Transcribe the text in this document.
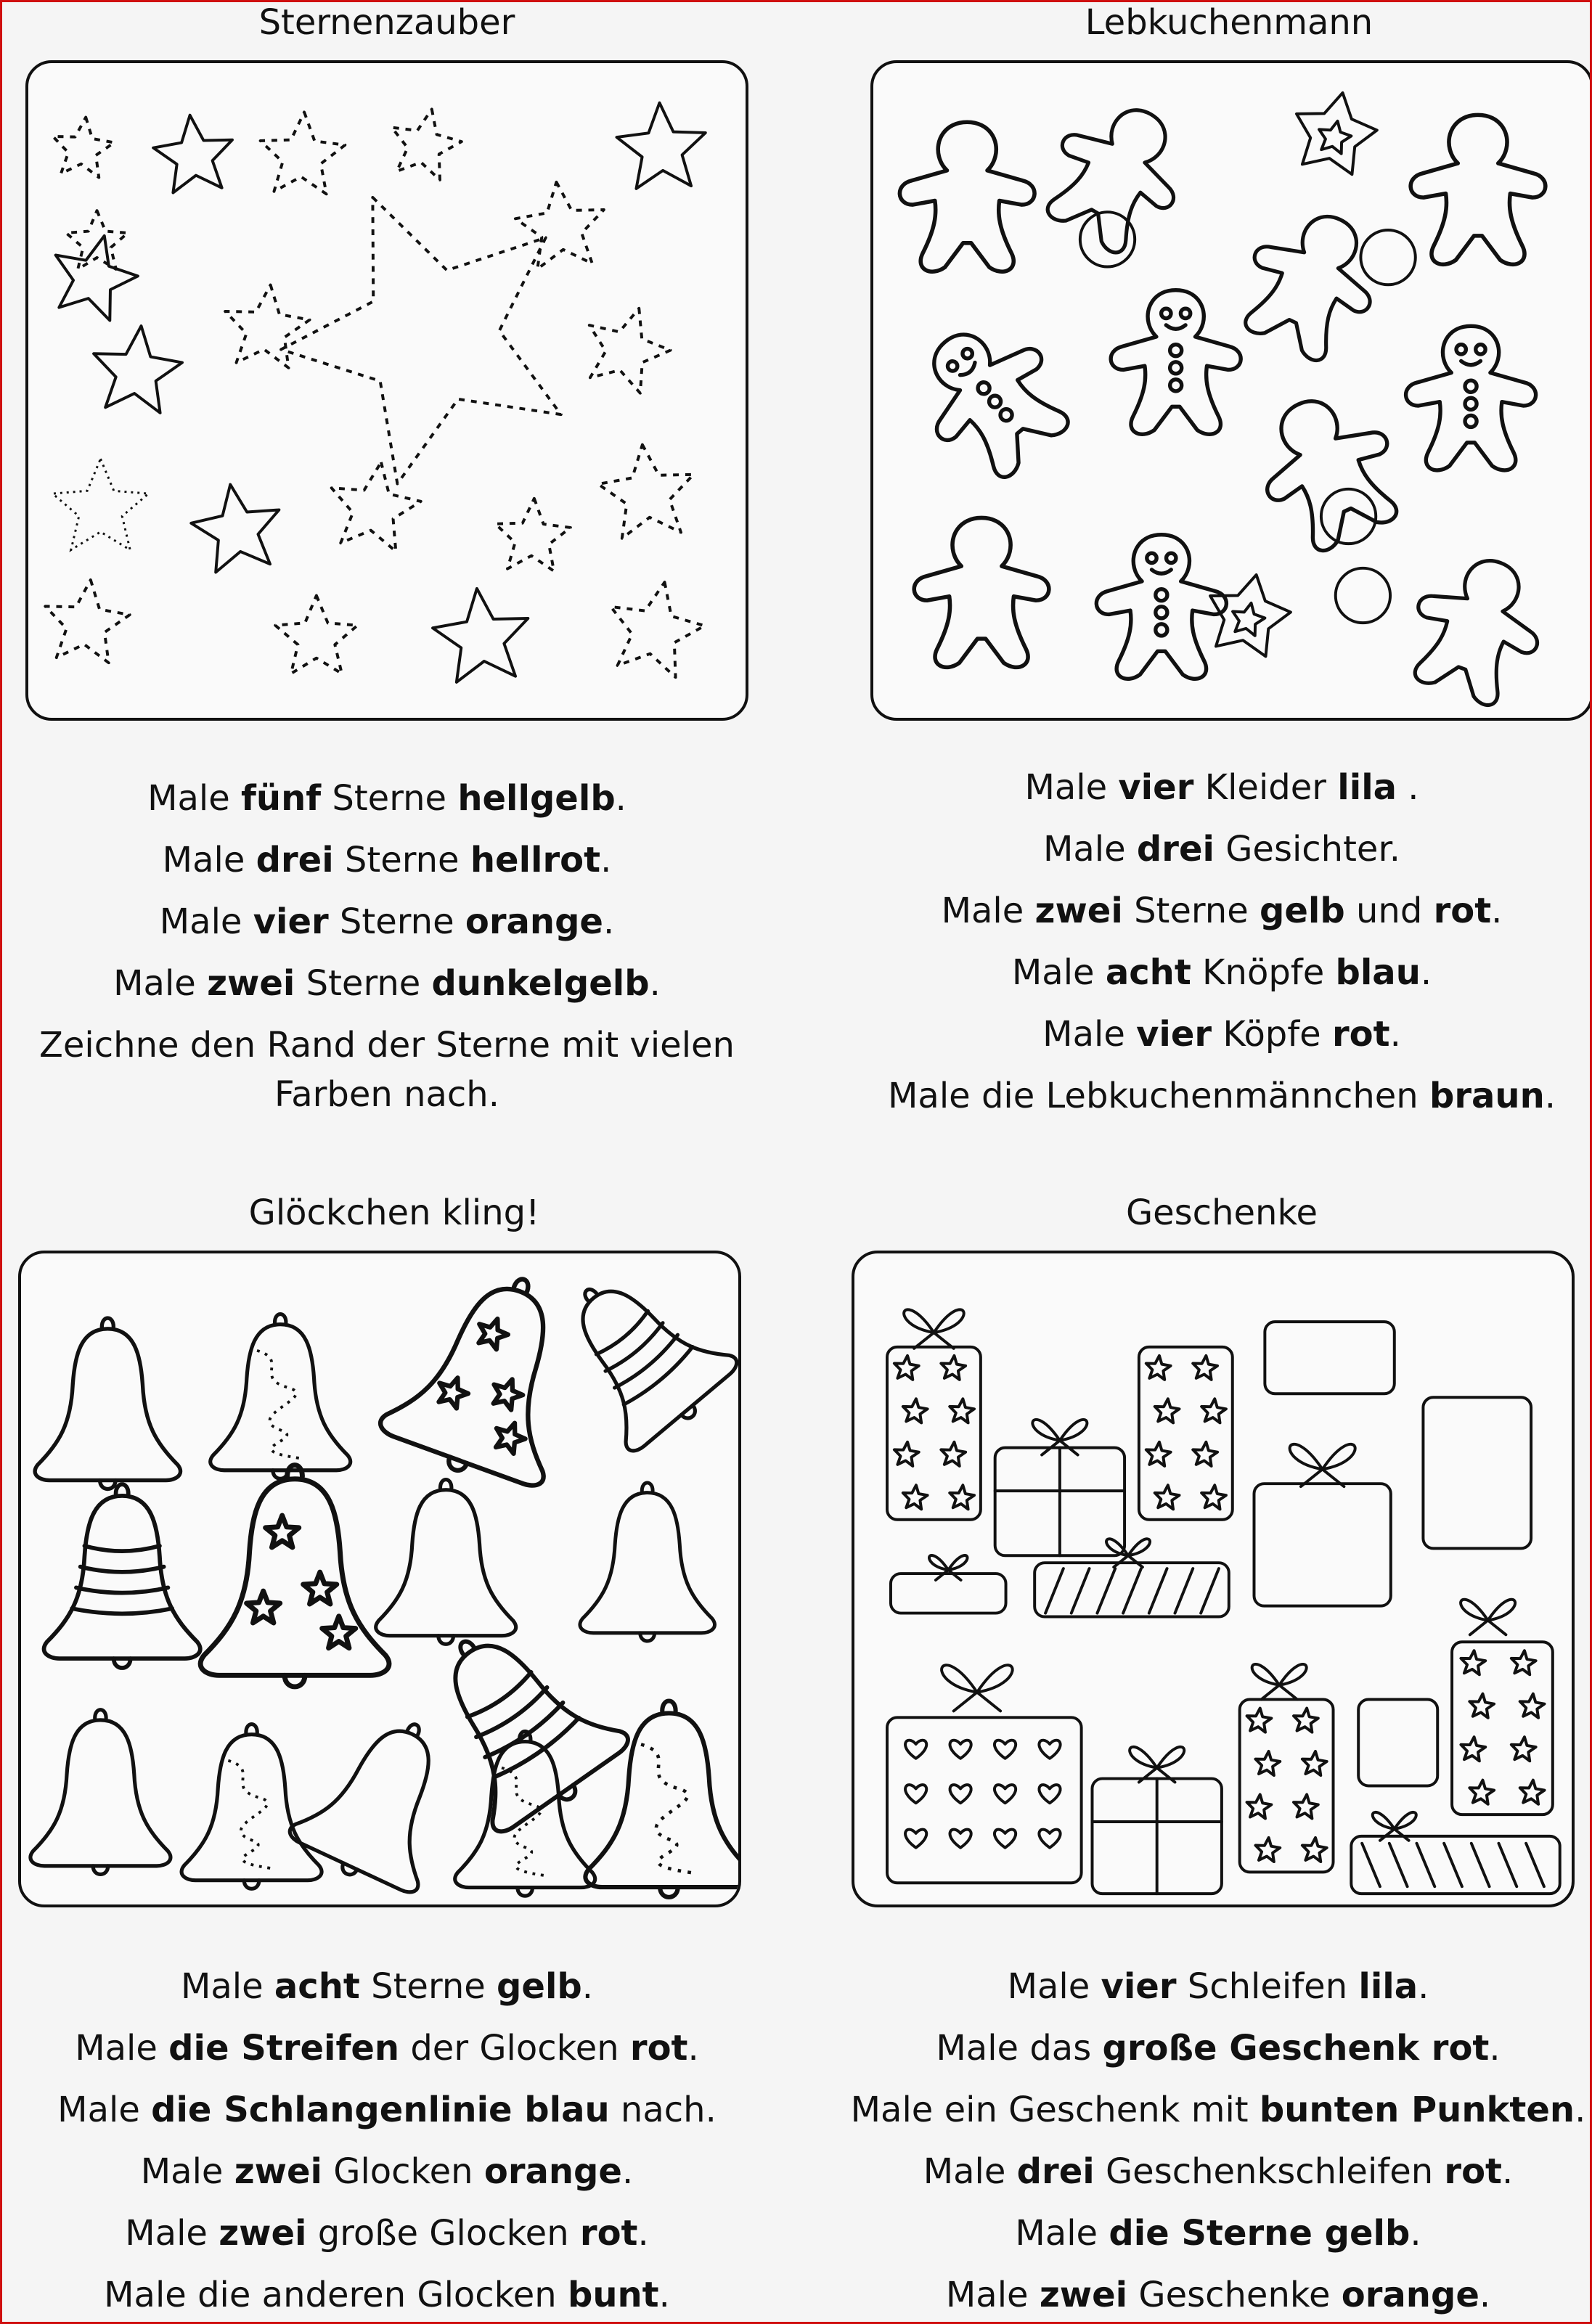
Sternenzauber
Male fünf Sterne hellgelb.
Male drei Sterne hellrot.
Male vier Sterne orange.
Male zwei Sterne dunkelgelb.
Zeichne den Rand der Sterne mit vielen Farben nach.
Lebkuchenmann
Male vier Kleider lila .
Male drei Gesichter.
Male zwei Sterne gelb und rot.
Male acht Knöpfe blau.
Male vier Köpfe rot.
Male die Lebkuchenmännchen braun.
Glöckchen kling!
Male acht Sterne gelb.
Male die Streifen der Glocken rot.
Male die Schlangenlinie blau nach.
Male zwei Glocken orange.
Male zwei große Glocken rot.
Male die anderen Glocken bunt.
Geschenke
Male vier Schleifen lila.
Male das große Geschenk rot.
Male ein Geschenk mit bunten Punkten.
Male drei Geschenkschleifen rot.
Male die Sterne gelb.
Male zwei Geschenke orange.
